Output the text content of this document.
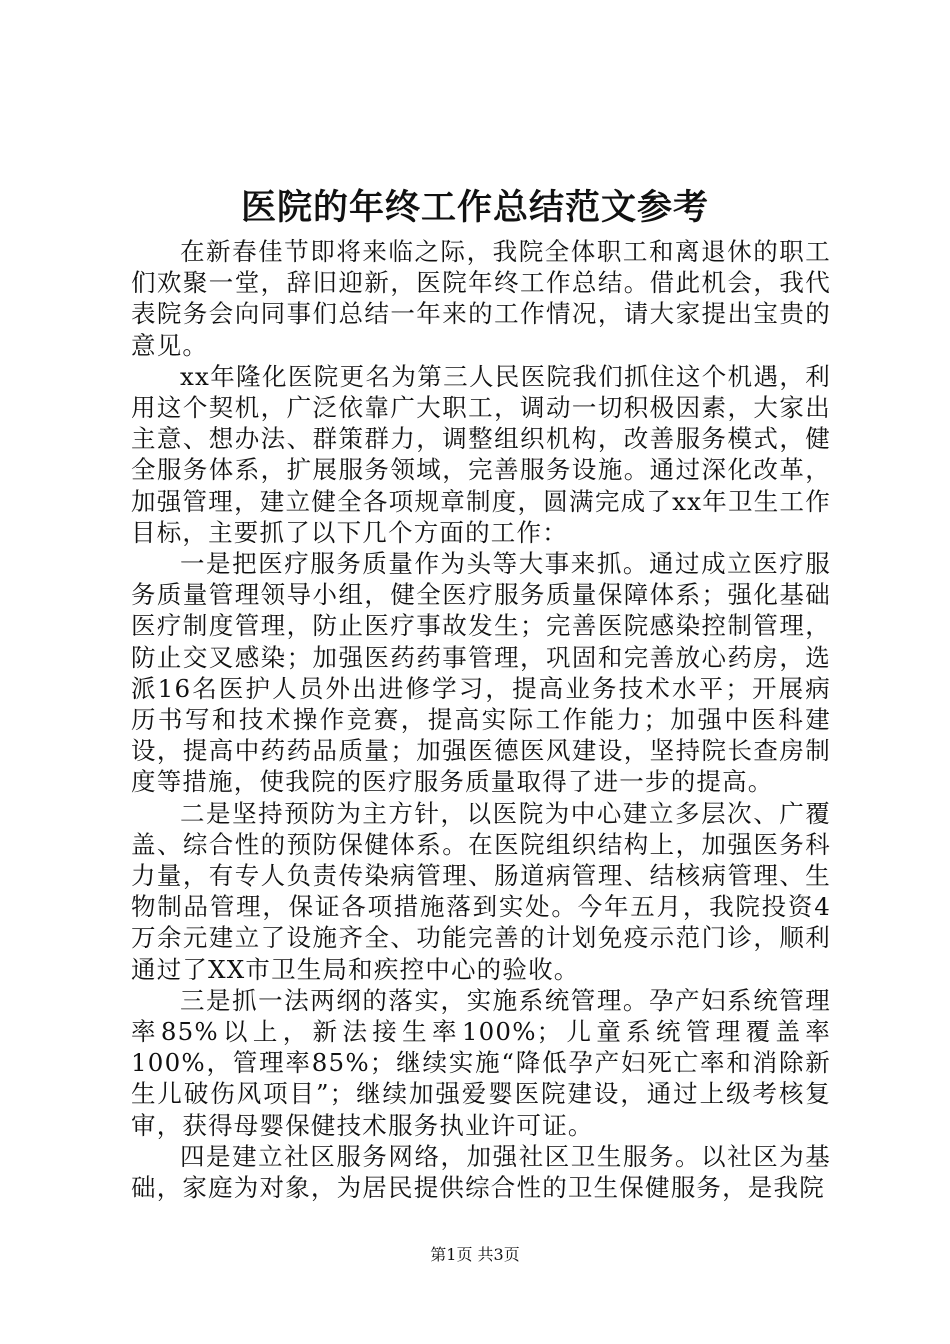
医院的年终工作总结范文参考

在新春佳节即将来临之际，我院全体职工和离退休的职工们欢聚一堂，辞旧迎新，医院年终工作总结。借此机会，我代表院务会向同事们总结一年来的工作情况，请大家提出宝贵的意见。

xx年隆化医院更名为第三人民医院我们抓住这个机遇，利用这个契机，广泛依靠广大职工，调动一切积极因素，大家出主意、想办法、群策群力，调整组织机构，改善服务模式，健全服务体系，扩展服务领域，完善服务设施。通过深化改革，加强管理，建立健全各项规章制度，圆满完成了xx年卫生工作目标，主要抓了以下几个方面的工作：

一是把医疗服务质量作为头等大事来抓。通过成立医疗服务质量管理领导小组，健全医疗服务质量保障体系；强化基础医疗制度管理，防止医疗事故发生；完善医院感染控制管理，防止交叉感染；加强医药药事管理，巩固和完善放心药房，选派16名医护人员外出进修学习，提高业务技术水平；开展病历书写和技术操作竞赛，提高实际工作能力；加强中医科建设，提高中药药品质量；加强医德医风建设，坚持院长查房制度等措施，使我院的医疗服务质量取得了进一步的提高。

二是坚持预防为主方针，以医院为中心建立多层次、广覆盖、综合性的预防保健体系。在医院组织结构上，加强医务科力量，有专人负责传染病管理、肠道病管理、结核病管理、生物制品管理，保证各项措施落到实处。今年五月，我院投资4万余元建立了设施齐全、功能完善的计划免疫示范门诊，顺利通过了XX市卫生局和疾控中心的验收。

三是抓一法两纲的落实，实施系统管理。孕产妇系统管理率85%以上，新法接生率100%；儿童系统管理覆盖率100%，管理率85%；继续实施“降低孕产妇死亡率和消除新生儿破伤风项目”；继续加强爱婴医院建设，通过上级考核复审，获得母婴保健技术服务执业许可证。

四是建立社区服务网络，加强社区卫生服务。以社区为基础，家庭为对象，为居民提供综合性的卫生保健服务，是我院

第1页 共3页
